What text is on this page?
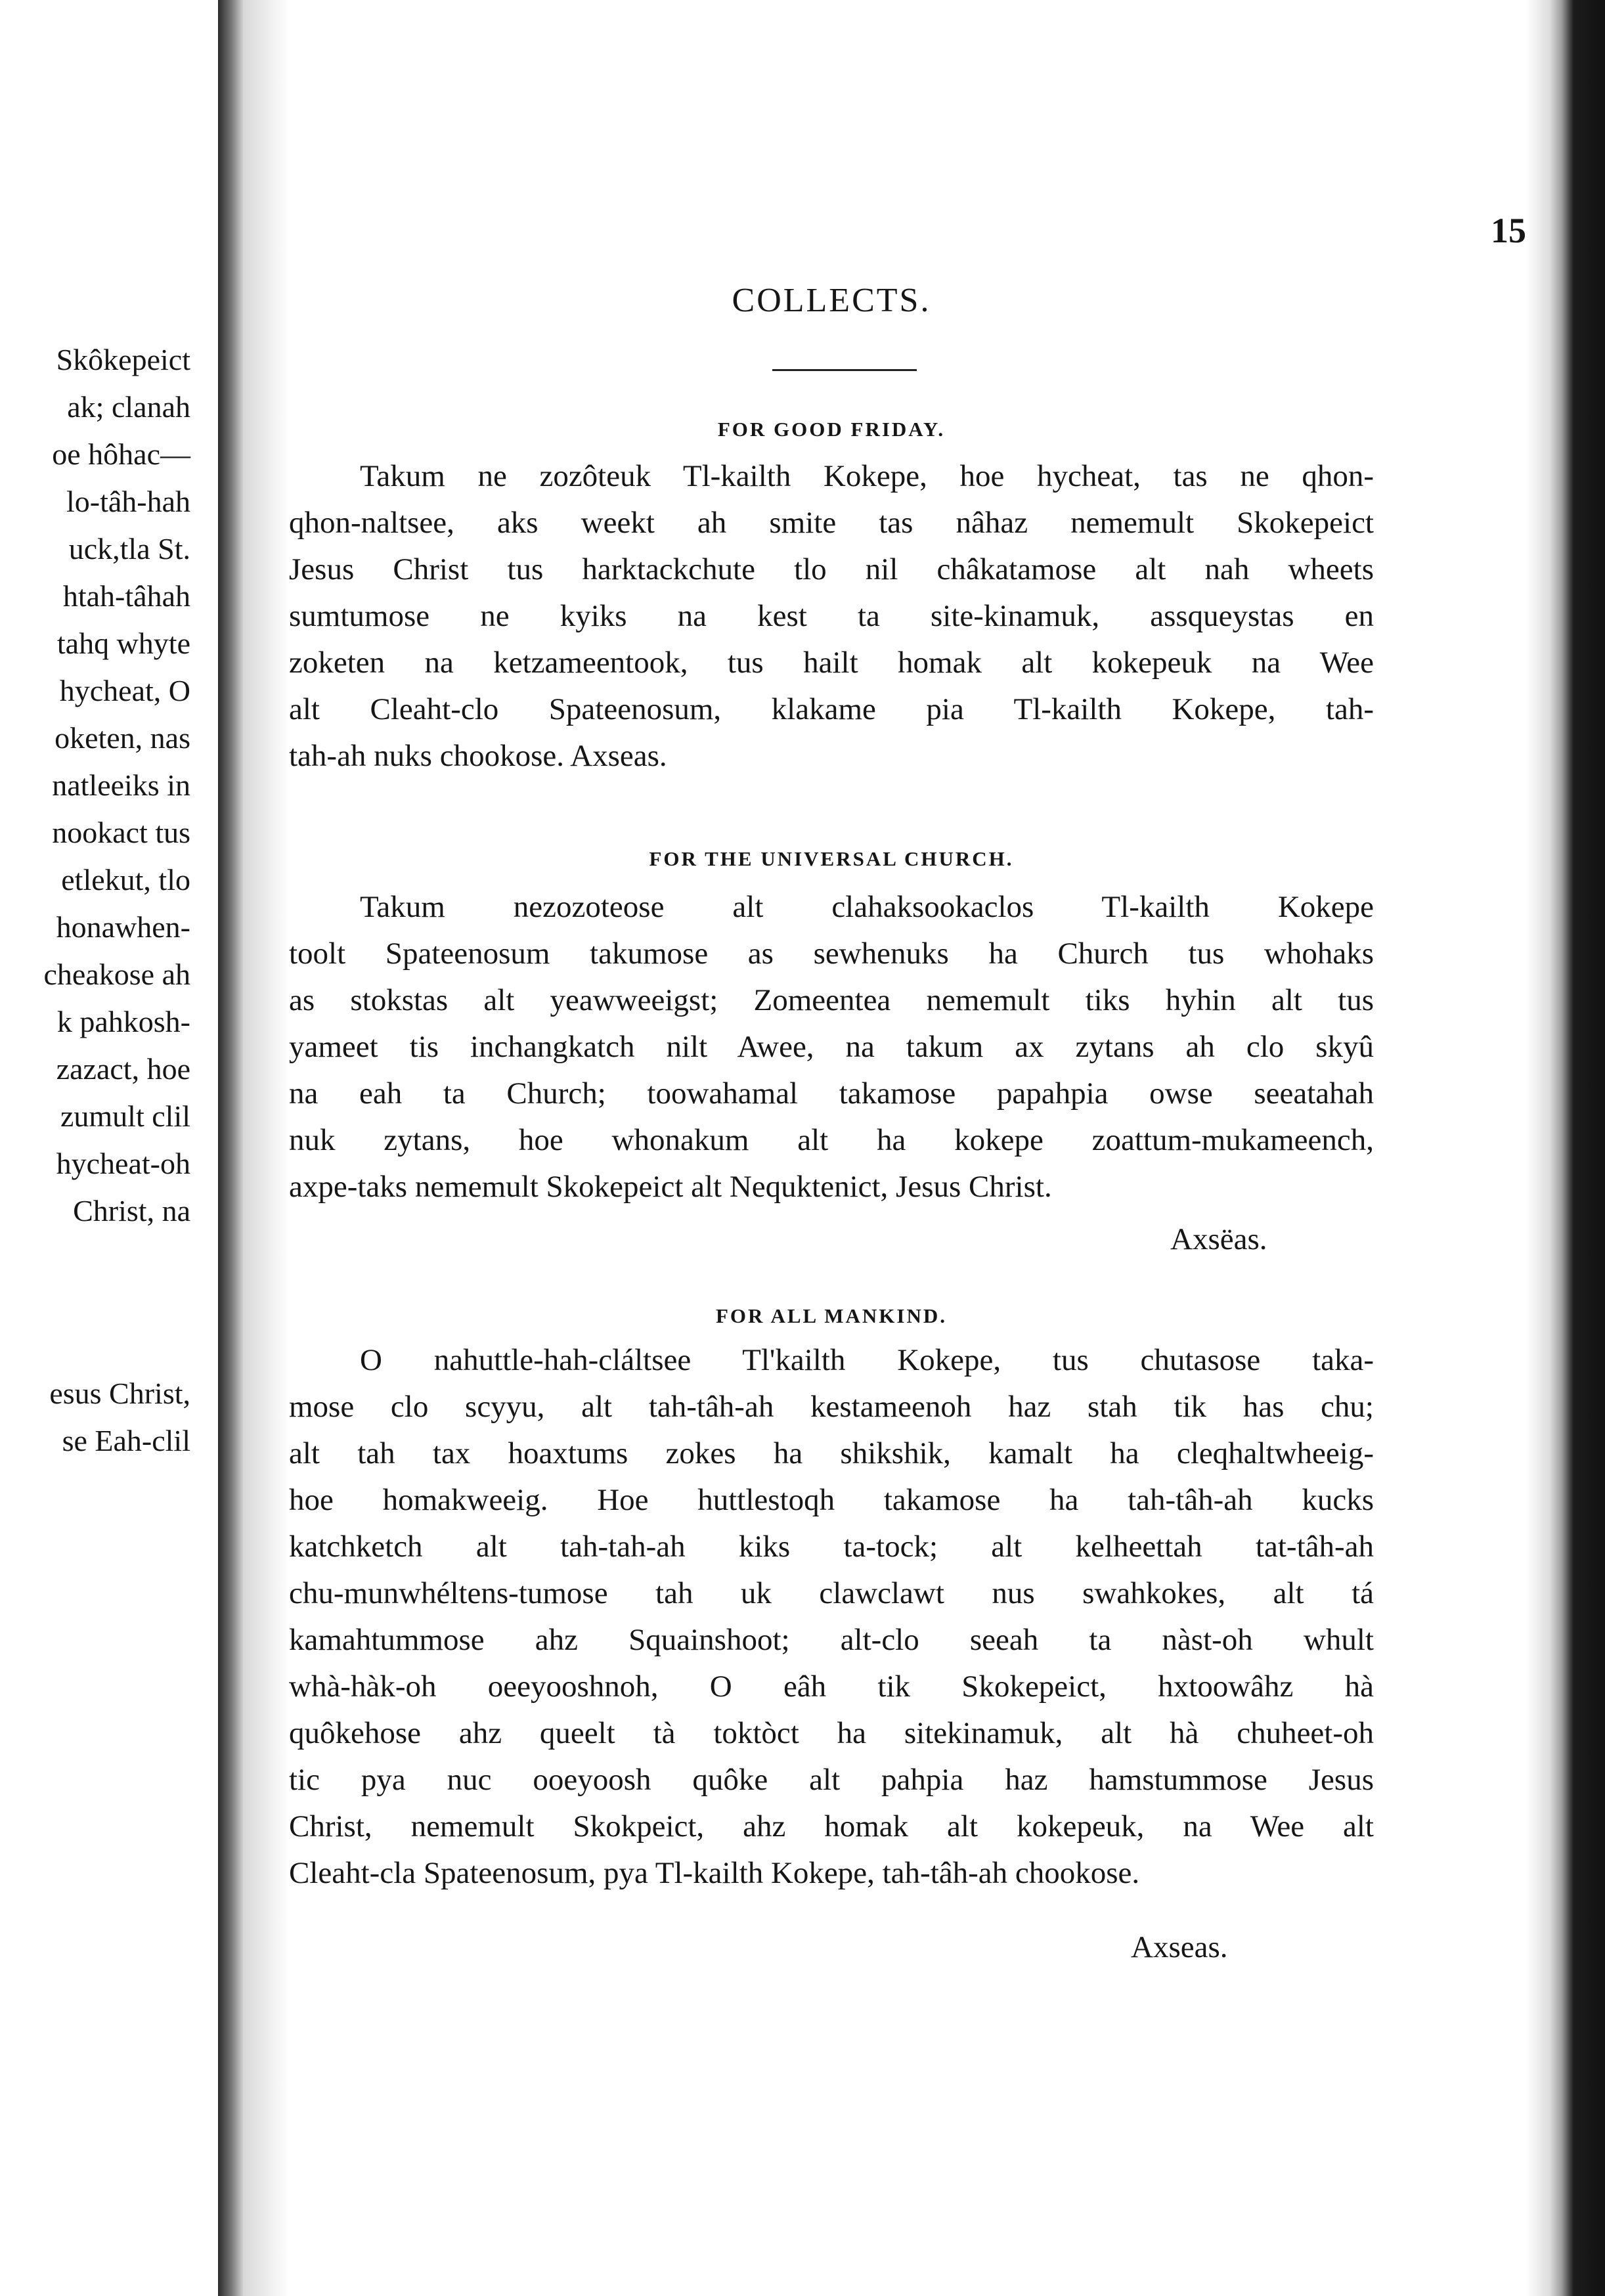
Skôkepeict
ak; clanah
oe hôhac—
lo-tâh-hah
uck,tla St.
htah-tâhah
tahq whyte
hycheat, O
oketen, nas
natleeiks in
nookact tus
etlekut, tlo
honawhen-
cheakose ah
k pahkosh-
zazact, hoe
zumult clil
hycheat-oh
Christ, na
esus Christ,
se Eah-clil
15
COLLECTS.
FOR GOOD FRIDAY.
Takum ne zozôteuk Tl-kailth Kokepe, hoe hycheat, tas ne qhon-
qhon-naltsee, aks weekt ah smite tas nâhaz nememult Skokepeict
Jesus Christ tus harktackchute tlo nil châkatamose alt nah wheets
sumtumose ne kyiks na kest ta site-kinamuk, assqueystas en
zoketen na ketzameentook, tus hailt homak alt kokepeuk na Wee
alt Cleaht-clo Spateenosum, klakame pia Tl-kailth Kokepe, tah-
tah-ah nuks chookose. Axseas.
FOR THE UNIVERSAL CHURCH.
Takum nezozoteose alt clahaksookaclos Tl-kailth Kokepe
toolt Spateenosum takumose as sewhenuks ha Church tus whohaks
as stokstas alt yeawweeigst; Zomeentea nememult tiks hyhin alt tus
yameet tis inchangkatch nilt Awee, na takum ax zytans ah clo skyû
na eah ta Church; toowahamal takamose papahpia owse seeatahah
nuk zytans, hoe whonakum alt ha kokepe zoattum-mukameench,
axpe-taks nememult Skokepeict alt Nequktenict, Jesus Christ.
Axsëas.
FOR ALL MANKIND.
O nahuttle-hah-cláltsee Tl'kailth Kokepe, tus chutasose taka-
mose clo scyyu, alt tah-tâh-ah kestameenoh haz stah tik has chu;
alt tah tax hoaxtums zokes ha shikshik, kamalt ha cleqhaltwheeig-
hoe homakweeig. Hoe huttlestoqh takamose ha tah-tâh-ah kucks
katchketch alt tah-tah-ah kiks ta-tock; alt kelheettah tat-tâh-ah
chu-munwhéltens-tumose tah uk clawclawt nus swahkokes, alt tá
kamahtummose ahz Squainshoot; alt-clo seeah ta nàst-oh whult
whà-hàk-oh oeeyooshnoh, O eâh tik Skokepeict, hxtoowâhz hà
quôkehose ahz queelt tà toktòct ha sitekinamuk, alt hà chuheet-oh
tic pya nuc ooeyoosh quôke alt pahpia haz hamstummose Jesus
Christ, nememult Skokpeict, ahz homak alt kokepeuk, na Wee alt
Cleaht-cla Spateenosum, pya Tl-kailth Kokepe, tah-tâh-ah chookose.
Axseas.
